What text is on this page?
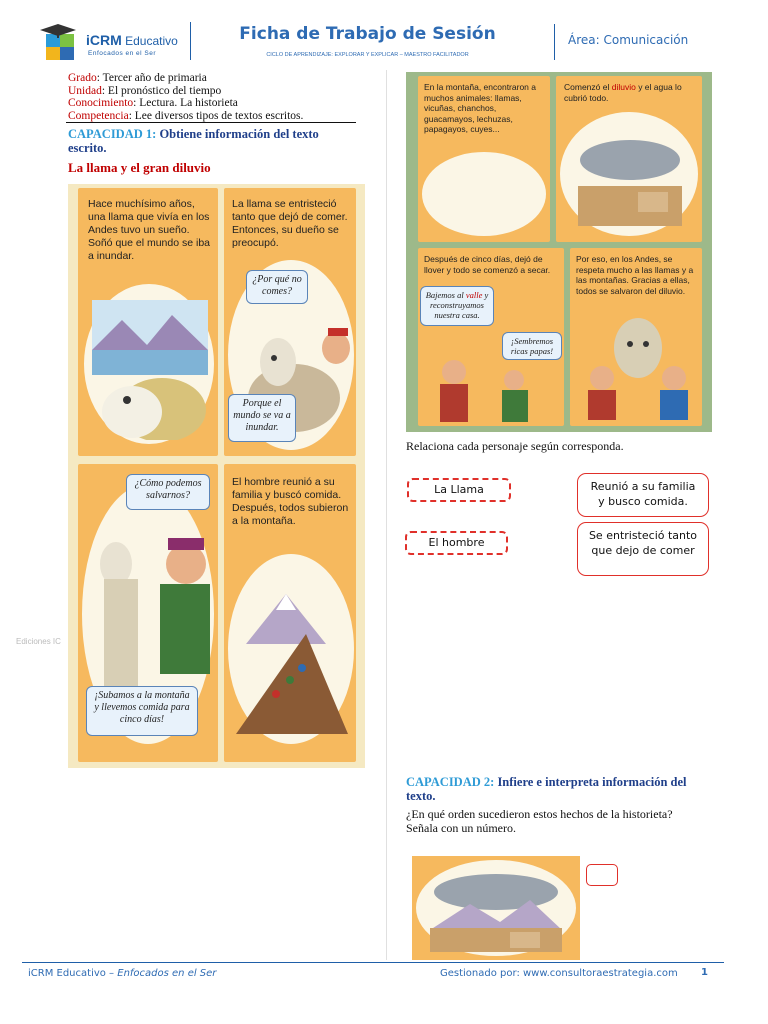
iCRM Educativo
Enfocados en el Ser
Ficha de Trabajo de Sesión
CICLO DE APRENDIZAJE: EXPLORAR Y EXPLICAR – MAESTRO FACILITADOR
Área: Comunicación
Grado: Tercer año de primaria
Unidad: El pronóstico del tiempo
Conocimiento: Lectura. La historieta
Competencia: Lee diversos tipos de textos escritos.
CAPACIDAD 1: Obtiene información del texto escrito.
La llama y el gran diluvio
Hace muchísimo años, una llama que vivía en los Andes tuvo un sueño. Soñó que el mundo se iba a inundar.
La llama se entristeció tanto que dejó de comer. Entonces, su dueño se preocupó.
¿Por qué no comes?
Porque el mundo se va a inundar.
¿Cómo podemos salvarnos?
¡Subamos a la montaña y llevemos comida para cinco días!
El hombre reunió a su familia y buscó comida. Después, todos subieron a la montaña.
Ediciones IC
En la montaña, encontraron a muchos animales: llamas, vicuñas, chanchos, guacamayos, lechuzas, papagayos, cuyes...
Comenzó el diluvio y el agua lo cubrió todo.
Después de cinco días, dejó de llover y todo se comenzó a secar.
Bajemos al valle y reconstruyamos nuestra casa.
¡Sembremos ricas papas!
Por eso, en los Andes, se respeta mucho a las llamas y a las montañas. Gracias a ellas, todos se salvaron del diluvio.
Relaciona cada personaje según corresponda.
La Llama
El hombre
Reunió a su familia y busco comida.
Se entristeció tanto que dejo de comer
CAPACIDAD 2: Infiere e interpreta información del texto.
¿En qué orden sucedieron estos hechos de la historieta? Señala con un número.
iCRM Educativo – Enfocados en el Ser	Gestionado por: www.consultoraestrategia.com 1
